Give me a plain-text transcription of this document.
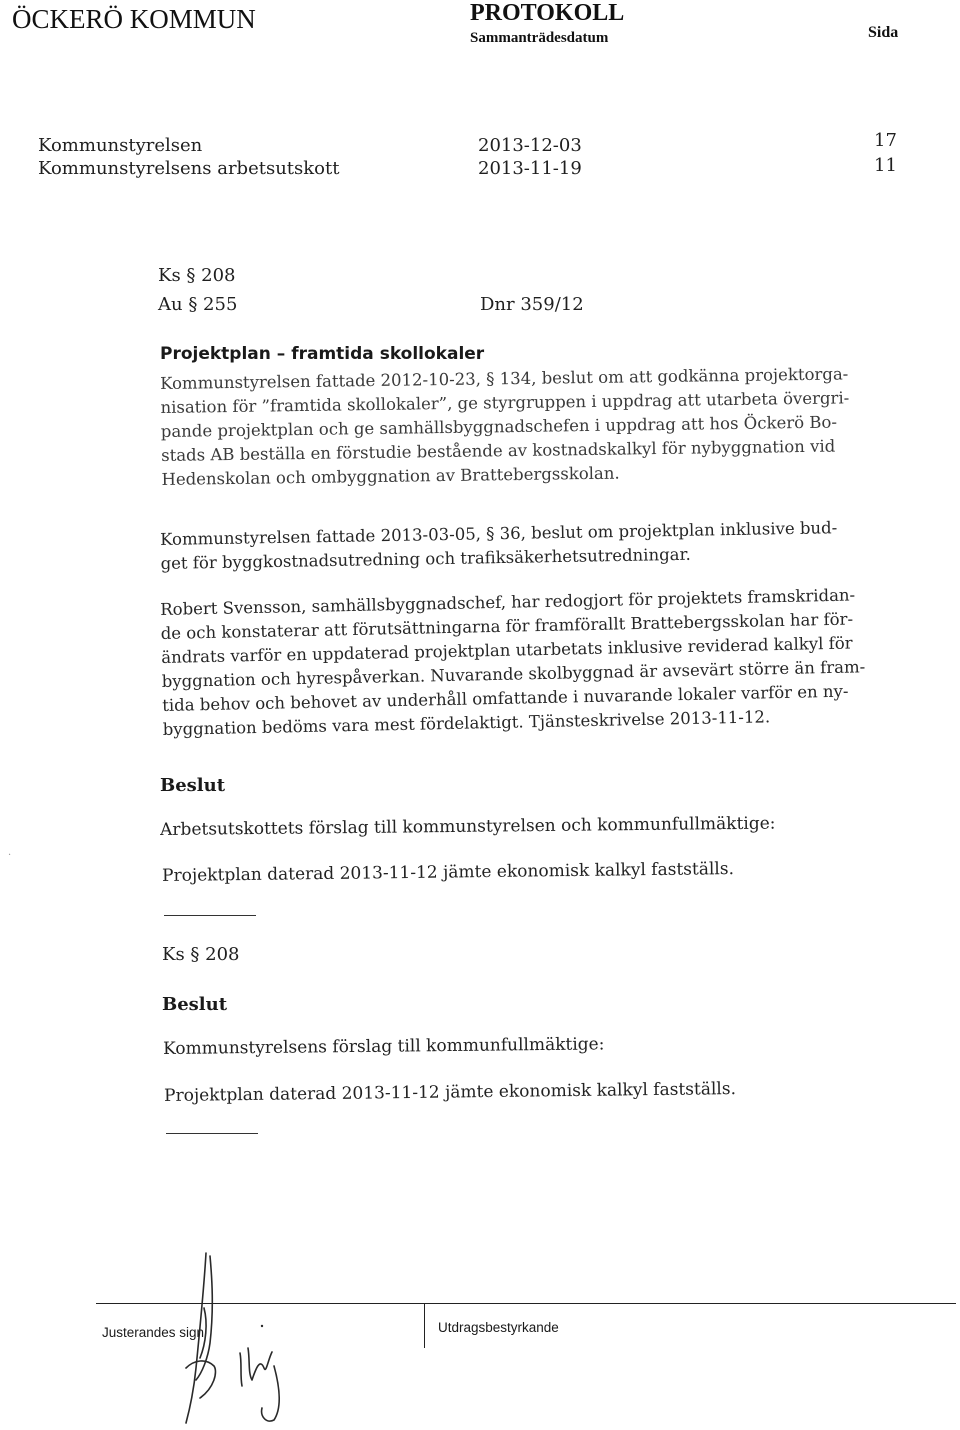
ÖCKERÖ KOMMUN	PROTOKOLL
Sammanträdesdatum	Sida
Kommunstyrelsen	2013-12-03	17
Kommunstyrelsens arbetsutskott	2013-11-19	11
Ks § 208
Au § 255	Dnr 359/12
Projektplan – framtida skollokaler
Kommunstyrelsen fattade 2012-10-23, § 134, beslut om att godkänna projektorga-
nisation för ”framtida skollokaler”, ge styrgruppen i uppdrag att utarbeta övergri-
pande projektplan och ge samhällsbyggnadschefen i uppdrag att hos Öckerö Bo-
stads AB beställa en förstudie bestående av kostnadskalkyl för nybyggnation vid
Hedenskolan och ombyggnation av Brattebergsskolan.
Kommunstyrelsen fattade 2013-03-05, § 36, beslut om projektplan inklusive bud-
get för byggkostnadsutredning och trafiksäkerhetsutredningar.
Robert Svensson, samhällsbyggnadschef, har redogjort för projektets framskridan-
de och konstaterar att förutsättningarna för framförallt Brattebergsskolan har för-
ändrats varför en uppdaterad projektplan utarbetats inklusive reviderad kalkyl för
byggnation och hyrespåverkan. Nuvarande skolbyggnad är avsevärt större än fram-
tida behov och behovet av underhåll omfattande i nuvarande lokaler varför en ny-
byggnation bedöms vara mest fördelaktigt. Tjänsteskrivelse 2013-11-12.
Beslut
Arbetsutskottets förslag till kommunstyrelsen och kommunfullmäktige:
Projektplan daterad 2013-11-12 jämte ekonomisk kalkyl fastställs.
Ks § 208
Beslut
Kommunstyrelsens förslag till kommunfullmäktige:
Projektplan daterad 2013-11-12 jämte ekonomisk kalkyl fastställs.
Justerandes sign	Utdragsbestyrkande
·
